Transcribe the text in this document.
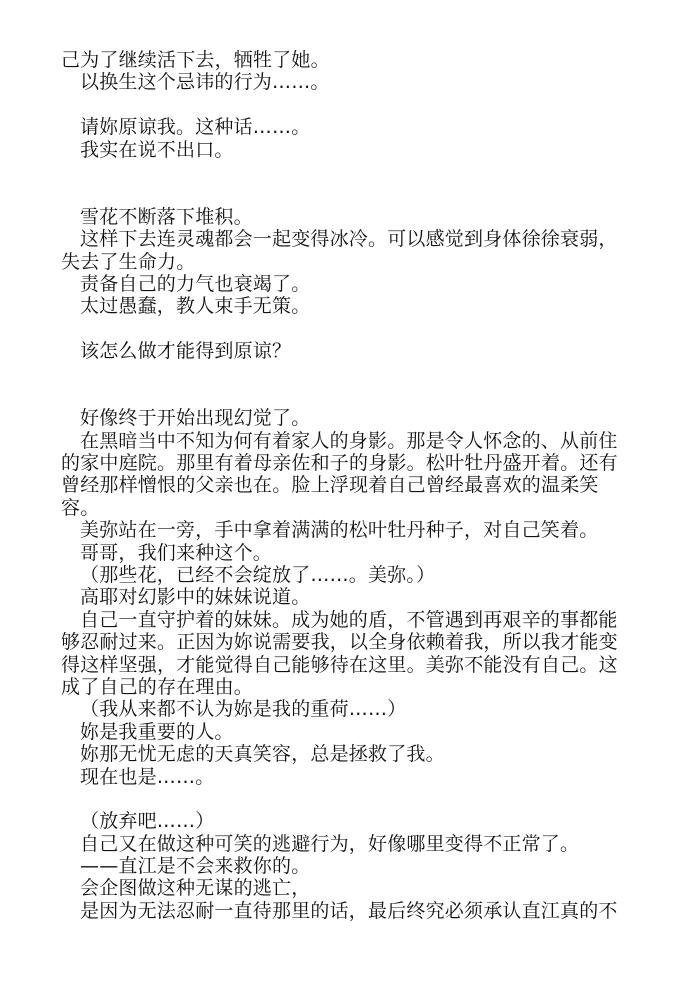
己为了继续活下去，牺牲了她。
以换生这个忌讳的行为……。
请妳原谅我。这种话……。
我实在说不出口。
雪花不断落下堆积。
这样下去连灵魂都会一起变得冰冷。可以感觉到身体徐徐衰弱，
失去了生命力。
责备自己的力气也衰竭了。
太过愚蠢，教人束手无策。
该怎么做才能得到原谅？
好像终于开始出现幻觉了。
在黑暗当中不知为何有着家人的身影。那是令人怀念的、从前住
的家中庭院。那里有着母亲佐和子的身影。松叶牡丹盛开着。还有
曾经那样憎恨的父亲也在。脸上浮现着自己曾经最喜欢的温柔笑
容。
美弥站在一旁，手中拿着满满的松叶牡丹种子，对自己笑着。
哥哥，我们来种这个。
（那些花，已经不会绽放了……。美弥。）
高耶对幻影中的妹妹说道。
自己一直守护着的妹妹。成为她的盾，不管遇到再艰辛的事都能
够忍耐过来。正因为妳说需要我，以全身依赖着我，所以我才能变
得这样坚强，才能觉得自己能够待在这里。美弥不能没有自己。这
成了自己的存在理由。
（我从来都不认为妳是我的重荷……）
妳是我重要的人。
妳那无忧无虑的天真笑容，总是拯救了我。
现在也是……。
（放弃吧……）
自己又在做这种可笑的逃避行为，好像哪里变得不正常了。
——直江是不会来救你的。
会企图做这种无谋的逃亡，
是因为无法忍耐一直待那里的话，最后终究必须承认直江真的不
